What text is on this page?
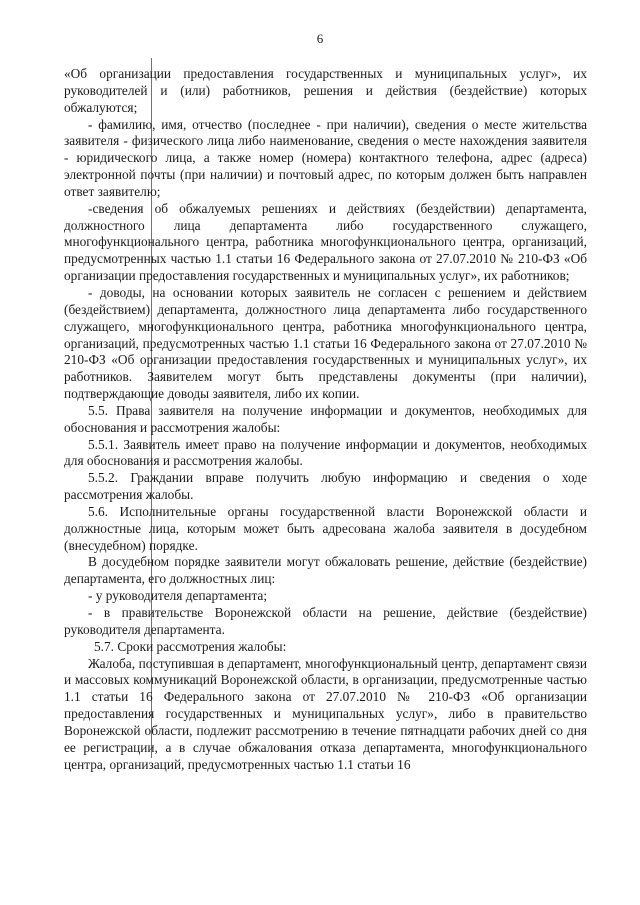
6

«Об организации предоставления государственных и муниципальных услуг», их руководителей и (или) работников, решения и действия (бездействие) которых обжалуются;

- фамилию, имя, отчество (последнее - при наличии), сведения о месте жительства заявителя - физического лица либо наименование, сведения о месте нахождения заявителя - юридического лица, а также номер (номера) контактного телефона, адрес (адреса) электронной почты (при наличии) и почтовый адрес, по которым должен быть направлен ответ заявителю;

-сведения об обжалуемых решениях и действиях (бездействии) департамента, должностного лица департамента либо государственного служащего, многофункционального центра, работника многофункционального центра, организаций, предусмотренных частью 1.1 статьи 16 Федерального закона от 27.07.2010 № 210-ФЗ «Об организации предоставления государственных и муниципальных услуг», их работников;

- доводы, на основании которых заявитель не согласен с решением и действием (бездействием) департамента, должностного лица департамента либо государственного служащего, многофункционального центра, работника многофункционального центра, организаций, предусмотренных частью 1.1 статьи 16 Федерального закона от 27.07.2010 № 210-ФЗ «Об организации предоставления государственных и муниципальных услуг», их работников. Заявителем могут быть представлены документы (при наличии), подтверждающие доводы заявителя, либо их копии.

5.5. Права заявителя на получение информации и документов, необходимых для обоснования и рассмотрения жалобы:

5.5.1. Заявитель имеет право на получение информации и документов, необходимых для обоснования и рассмотрения жалобы.

5.5.2. Граждании вправе получить любую информацию и сведения о ходе рассмотрения жалобы.

5.6. Исполнительные органы государственной власти Воронежской области и должностные лица, которым может быть адресована жалоба заявителя в досудебном (внесудебном) порядке.

В досудебном порядке заявители могут обжаловать решение, действие (бездействие) департамента, его должностных лиц:

- у руководителя департамента;

- в правительстве Воронежской области на решение, действие (бездействие) руководителя департамента.

5.7. Сроки рассмотрения жалобы:

Жалоба, поступившая в департамент, многофункциональный центр, департамент связи и массовых коммуникаций Воронежской области, в организации, предусмотренные частью 1.1 статьи 16 Федерального закона от 27.07.2010 № 210-ФЗ «Об организации предоставления государственных и муниципальных услуг», либо в правительство Воронежской области, подлежит рассмотрению в течение пятнадцати рабочих дней со дня ее регистрации, а в случае обжалования отказа департамента, многофункционального центра, организаций, предусмотренных частью 1.1 статьи 16
